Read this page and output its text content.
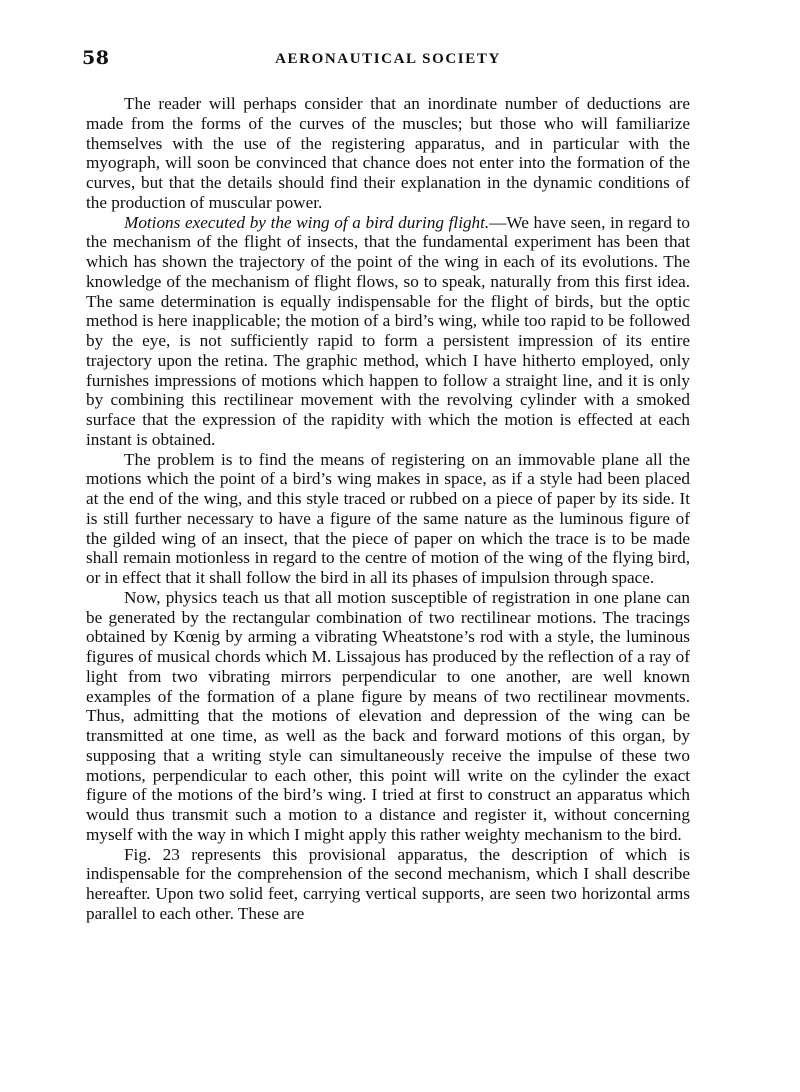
58	AERONAUTICAL SOCIETY

The reader will perhaps consider that an inordinate number of deductions are made from the forms of the curves of the muscles; but those who will familiarize themselves with the use of the registering apparatus, and in particular with the myograph, will soon be convinced that chance does not enter into the formation of the curves, but that the details should find their explanation in the dynamic conditions of the production of muscular power.

Motions executed by the wing of a bird during flight.—We have seen, in regard to the mechanism of the flight of insects, that the fundamental experiment has been that which has shown the trajectory of the point of the wing in each of its evolutions. The knowledge of the mechanism of flight flows, so to speak, naturally from this first idea. The same determination is equally indispensable for the flight of birds, but the optic method is here inapplicable; the motion of a bird’s wing, while too rapid to be followed by the eye, is not sufficiently rapid to form a persistent impression of its entire trajectory upon the retina. The graphic method, which I have hitherto employed, only furnishes impressions of motions which happen to follow a straight line, and it is only by combining this rectilinear movement with the revolving cylinder with a smoked surface that the expression of the rapidity with which the motion is effected at each instant is obtained.

The problem is to find the means of registering on an immovable plane all the motions which the point of a bird’s wing makes in space, as if a style had been placed at the end of the wing, and this style traced or rubbed on a piece of paper by its side. It is still further necessary to have a figure of the same nature as the luminous figure of the gilded wing of an insect, that the piece of paper on which the trace is to be made shall remain motionless in regard to the centre of motion of the wing of the flying bird, or in effect that it shall follow the bird in all its phases of impulsion through space.

Now, physics teach us that all motion susceptible of registration in one plane can be generated by the rectangular combination of two rectilinear motions. The tracings obtained by Kœnig by arming a vibrating Wheatstone’s rod with a style, the luminous figures of musical chords which M. Lissajous has produced by the reflection of a ray of light from two vibrating mirrors perpendicular to one another, are well known examples of the formation of a plane figure by means of two rectilinear movments. Thus, admitting that the motions of elevation and depression of the wing can be transmitted at one time, as well as the back and forward motions of this organ, by supposing that a writing style can simultaneously receive the impulse of these two motions, perpendicular to each other, this point will write on the cylinder the exact figure of the motions of the bird’s wing. I tried at first to construct an apparatus which would thus transmit such a motion to a distance and register it, without concerning myself with the way in which I might apply this rather weighty mechanism to the bird.

Fig. 23 represents this provisional apparatus, the description of which is indispensable for the comprehension of the second mechanism, which I shall describe hereafter. Upon two solid feet, carrying vertical supports, are seen two horizontal arms parallel to each other. These are
